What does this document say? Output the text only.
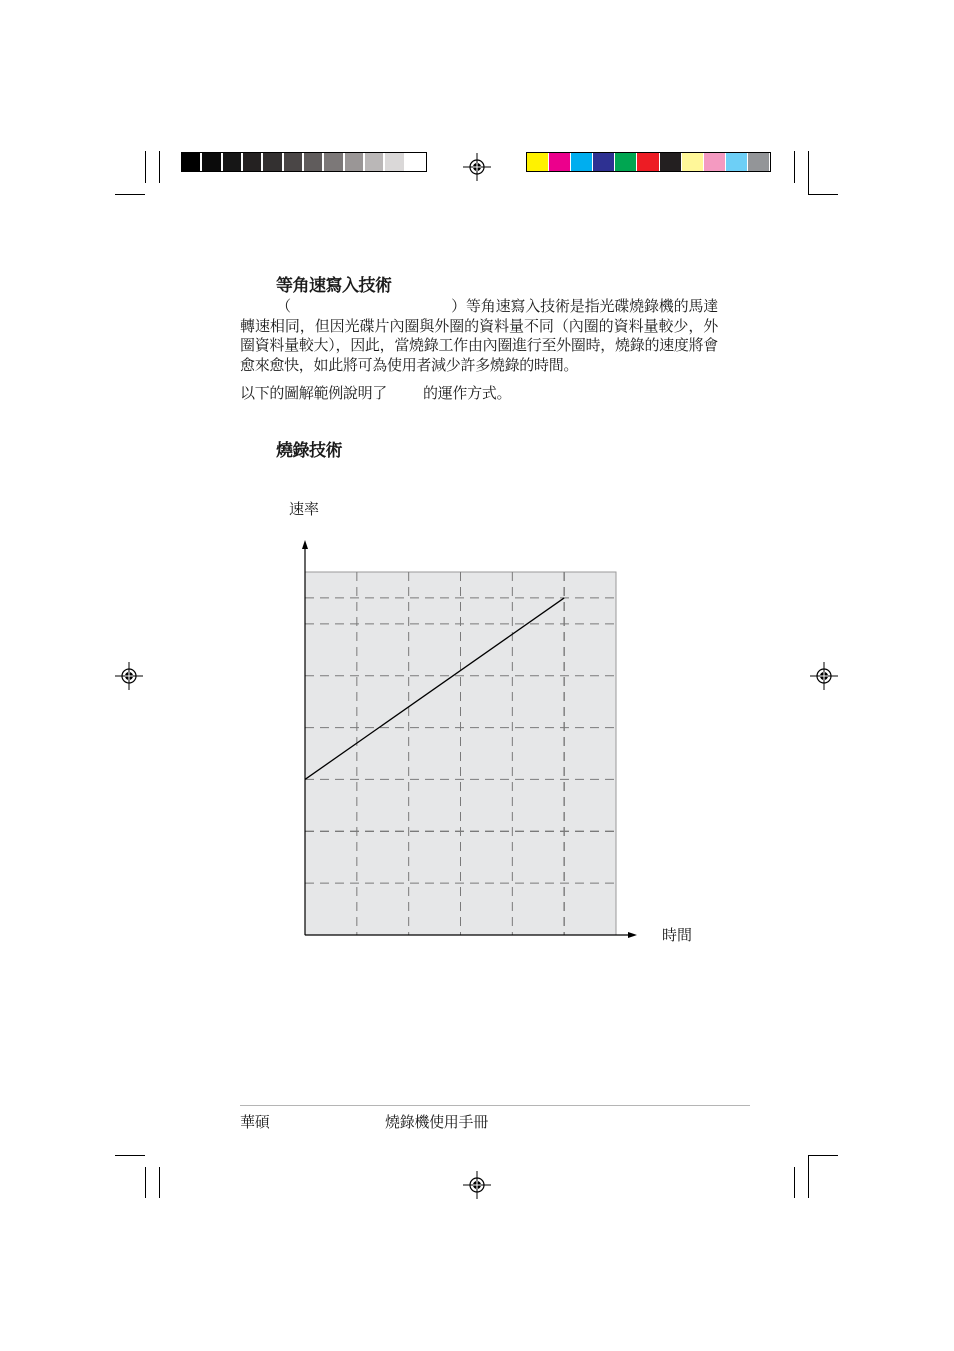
等角速寫入技術
（	）等角速寫入技術是指光碟燒錄機的馬達轉速相同，但因光碟片內圈與外圈的資料量不同（內圈的資料量較少，外圈資料量較大），因此，當燒錄工作由內圈進行至外圈時，燒錄的速度將會愈來愈快，如此將可為使用者減少許多燒錄的時間。
以下的圖解範例說明了 的運作方式。
燒錄技術
速率
時間
華碩	燒錄機使用手冊
